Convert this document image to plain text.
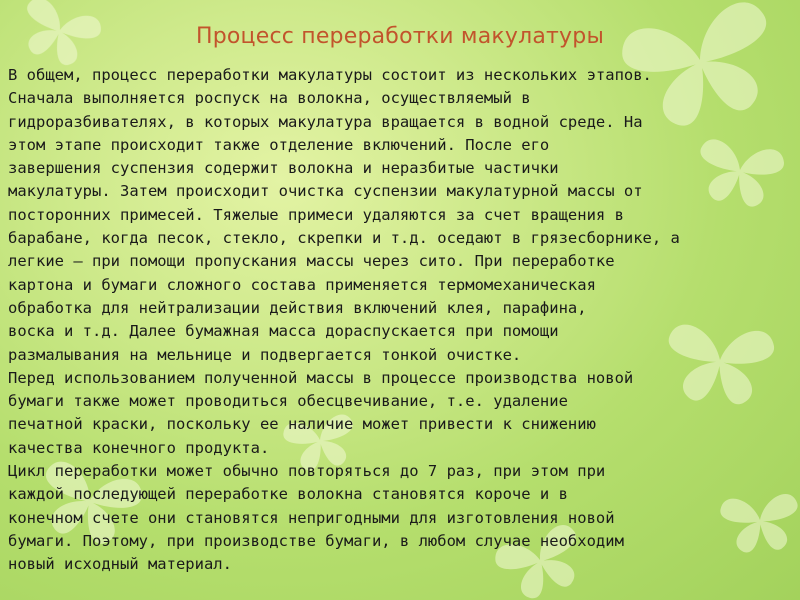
Процесс переработки макулатуры

В общем, процесс переработки макулатуры состоит из нескольких этапов.
Сначала выполняется роспуск на волокна, осуществляемый в
гидроразбивателях, в которых макулатура вращается в водной среде. На
этом этапе происходит также отделение включений. После его
завершения суспензия содержит волокна и неразбитые частички
макулатуры. Затем происходит очистка суспензии макулатурной массы от
посторонних примесей. Тяжелые примеси удаляются за счет вращения в
барабане, когда песок, стекло, скрепки и т.д. оседают в грязесборнике, а
легкие — при помощи пропускания массы через сито. При переработке
картона и бумаги сложного состава применяется термомеханическая
обработка для нейтрализации действия включений клея, парафина,
воска и т.д. Далее бумажная масса дораспускается при помощи
размалывания на мельнице и подвергается тонкой очистке.

Перед использованием полученной массы в процессе производства новой
бумаги также может проводиться обесцвечивание, т.е. удаление
печатной краски, поскольку ее наличие может привести к снижению
качества конечного продукта.

Цикл переработки может обычно повторяться до 7 раз, при этом при
каждой последующей переработке волокна становятся короче и в
конечном счете они становятся непригодными для изготовления новой
бумаги. Поэтому, при производстве бумаги, в любом случае необходим
новый исходный материал.
